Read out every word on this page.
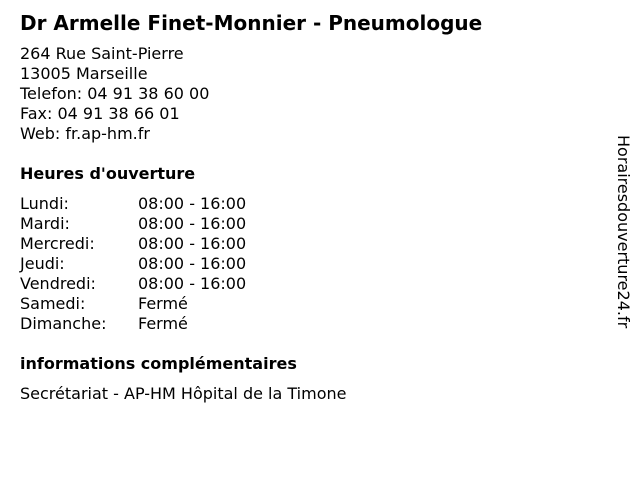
Dr Armelle Finet-Monnier - Pneumologue
264 Rue Saint-Pierre
13005 Marseille
Telefon: 04 91 38 60 00
Fax: 04 91 38 66 01
Web: fr.ap-hm.fr
Heures d'ouverture
Lundi:	08:00 - 16:00
Mardi:	08:00 - 16:00
Mercredi:	08:00 - 16:00
Jeudi:	08:00 - 16:00
Vendredi:	08:00 - 16:00
Samedi:	Fermé
Dimanche: Fermé
informations complémentaires
Secrétariat - AP-HM Hôpital de la Timone
Horairesdouverture24.fr
